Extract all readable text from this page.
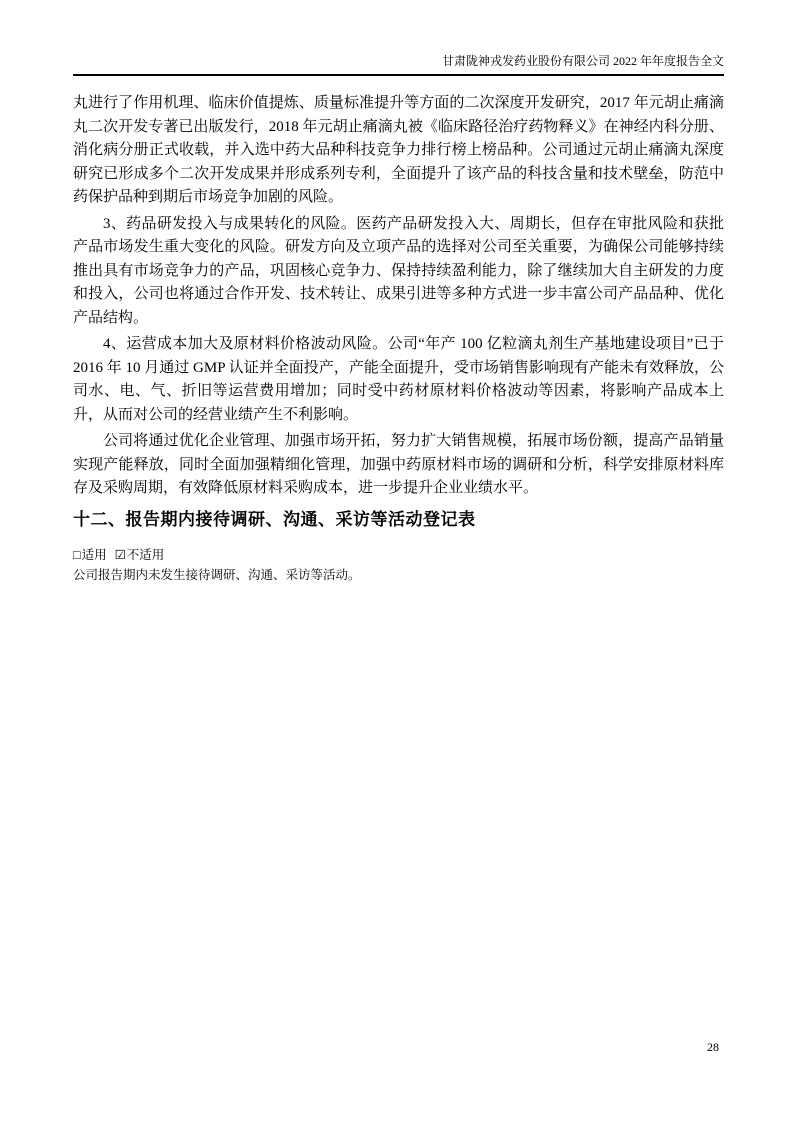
甘肃陇神戎发药业股份有限公司 2022 年年度报告全文

丸进行了作用机理、临床价值提炼、质量标准提升等方面的二次深度开发研究，2017 年元胡止痛滴丸二次开发专著已出版发行，2018 年元胡止痛滴丸被《临床路径治疗药物释义》在神经内科分册、消化病分册正式收载，并入选中药大品种科技竞争力排行榜上榜品种。公司通过元胡止痛滴丸深度研究已形成多个二次开发成果并形成系列专利，全面提升了该产品的科技含量和技术壁垒，防范中药保护品种到期后市场竞争加剧的风险。

3、药品研发投入与成果转化的风险。医药产品研发投入大、周期长，但存在审批风险和获批产品市场发生重大变化的风险。研发方向及立项产品的选择对公司至关重要，为确保公司能够持续推出具有市场竞争力的产品，巩固核心竞争力、保持持续盈利能力，除了继续加大自主研发的力度和投入，公司也将通过合作开发、技术转让、成果引进等多种方式进一步丰富公司产品品种、优化产品结构。

4、运营成本加大及原材料价格波动风险。公司“年产 100 亿粒滴丸剂生产基地建设项目”已于 2016 年 10 月通过 GMP 认证并全面投产，产能全面提升，受市场销售影响现有产能未有效释放，公司水、电、气、折旧等运营费用增加；同时受中药材原材料价格波动等因素，将影响产品成本上升，从而对公司的经营业绩产生不利影响。

公司将通过优化企业管理、加强市场开拓，努力扩大销售规模，拓展市场份额，提高产品销量实现产能释放，同时全面加强精细化管理，加强中药原材料市场的调研和分析，科学安排原材料库存及采购周期，有效降低原材料采购成本，进一步提升企业业绩水平。

十二、报告期内接待调研、沟通、采访等活动登记表
□适用 ☑不适用

公司报告期内未发生接待调研、沟通、采访等活动。

28
